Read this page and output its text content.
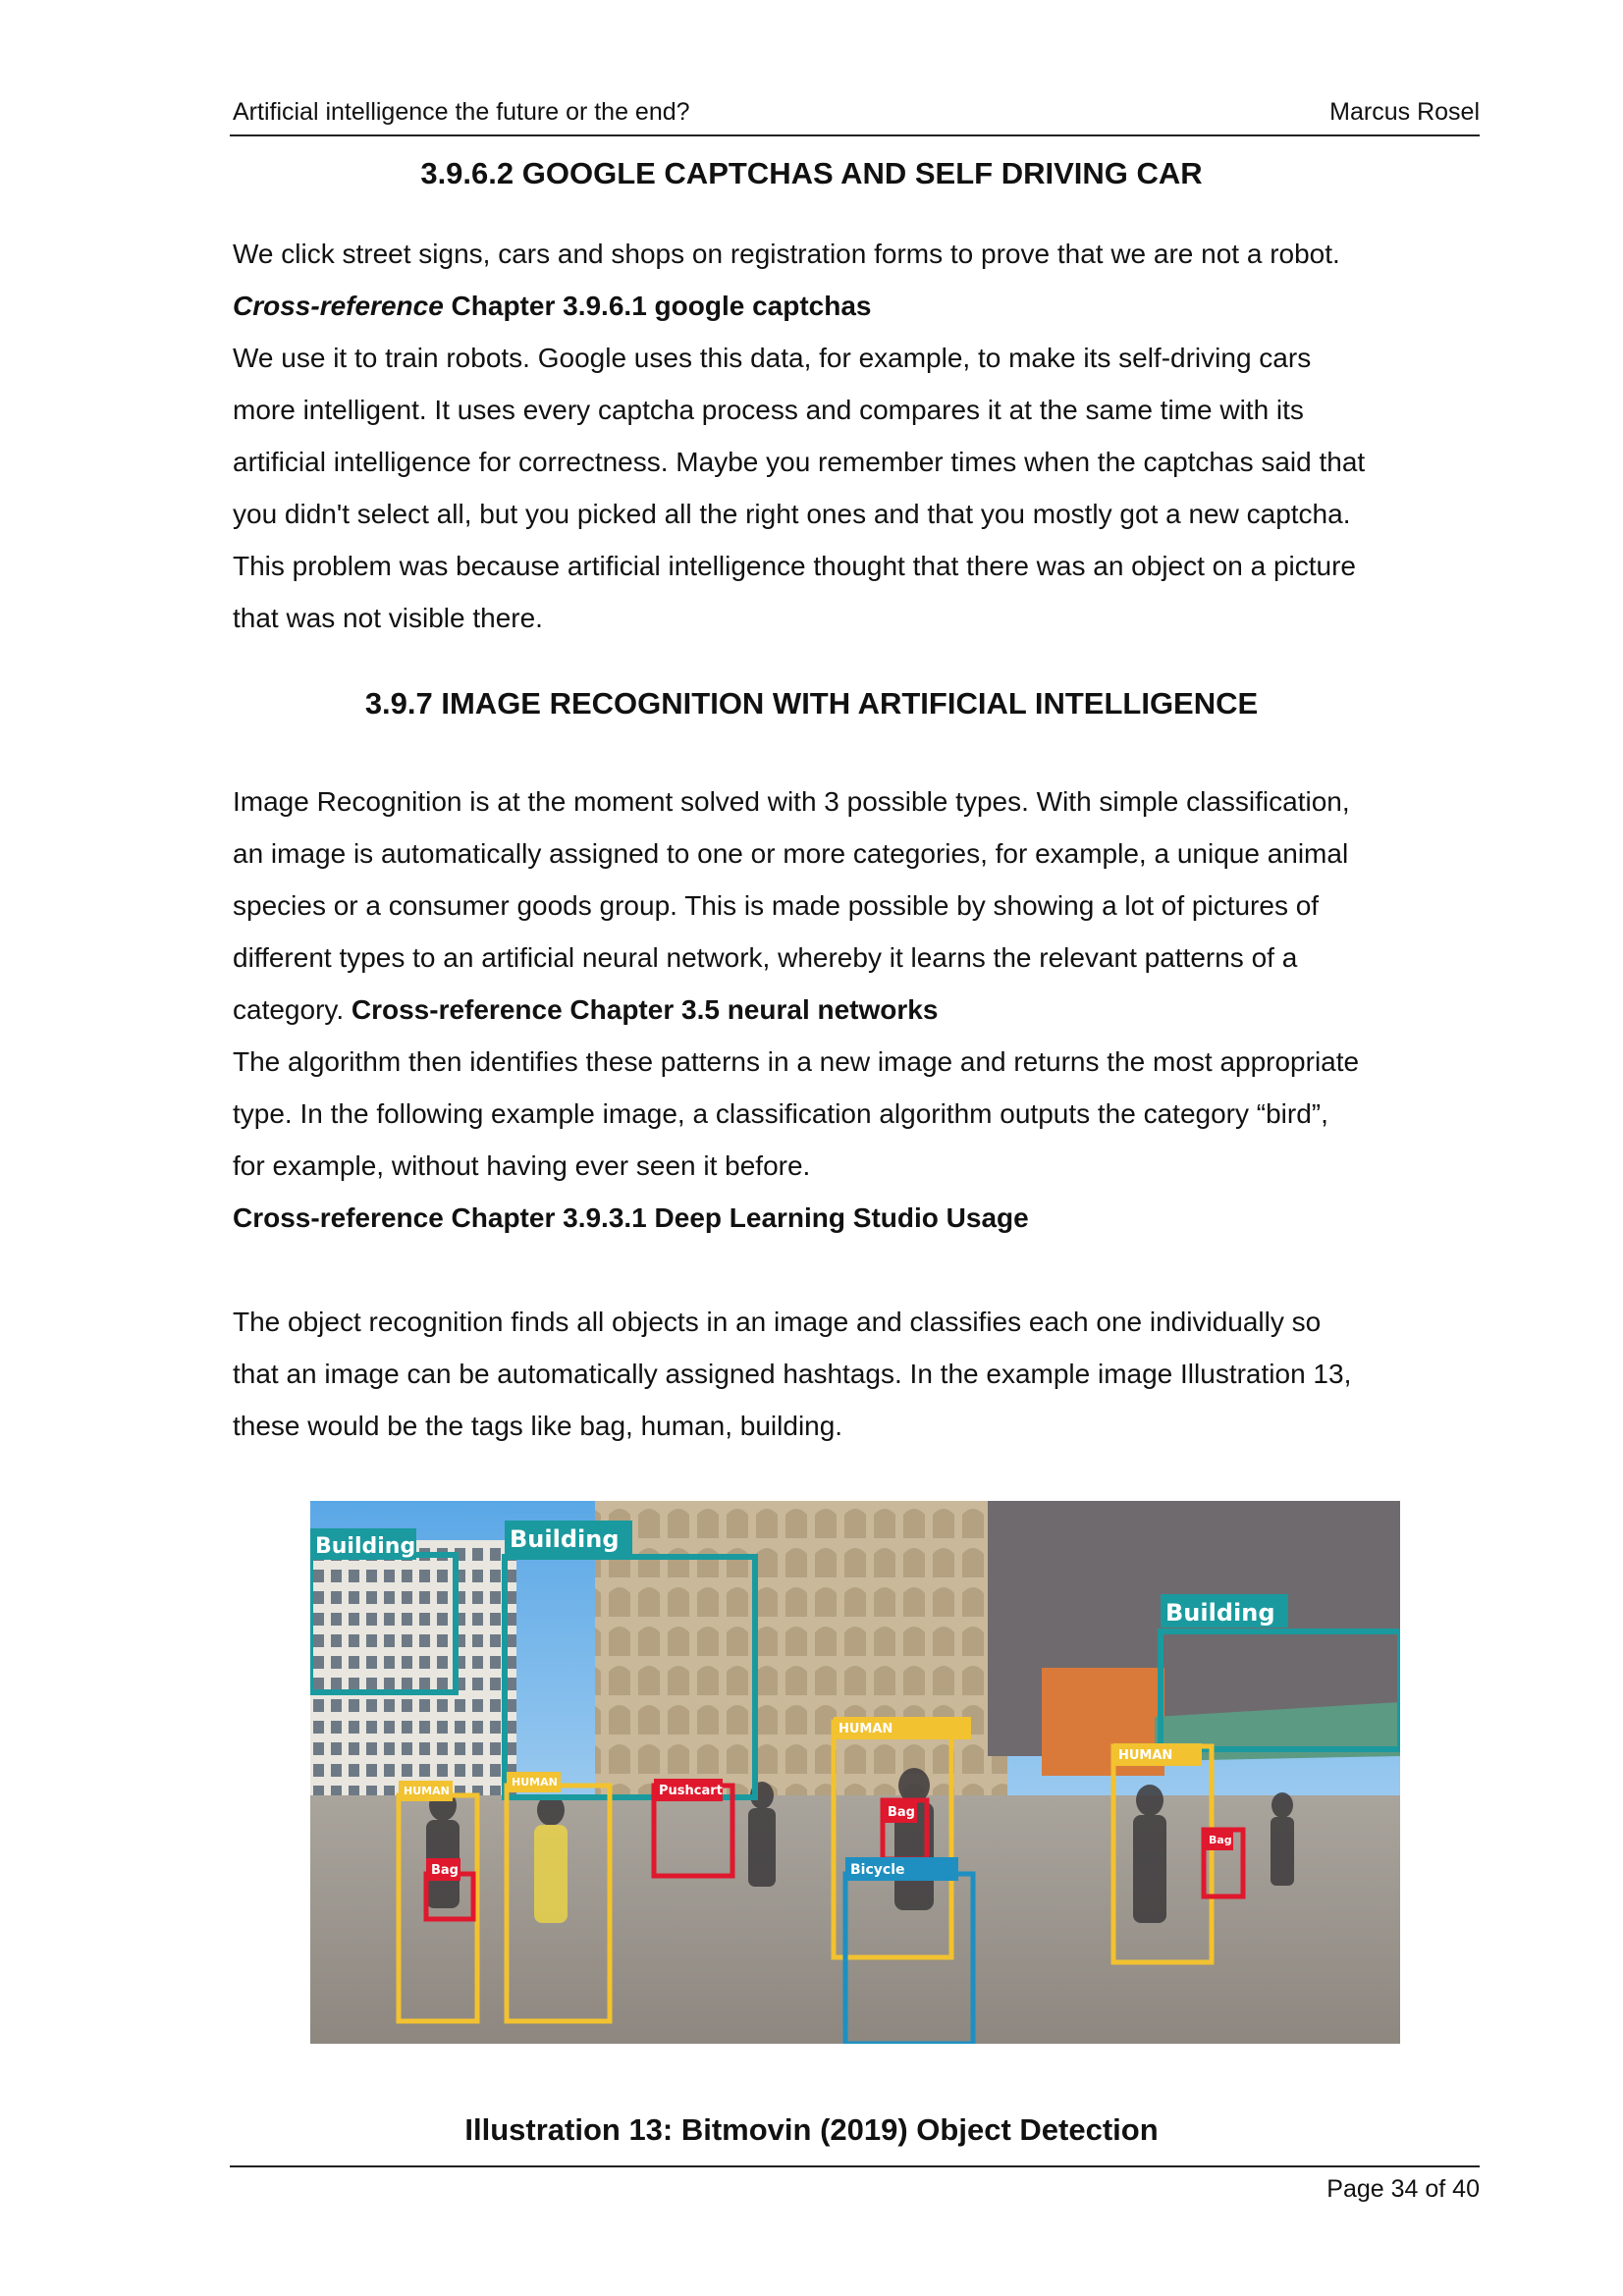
Artificial intelligence the future or the end?	Marcus Rosel
3.9.6.2 GOOGLE CAPTCHAS AND SELF DRIVING CAR
We click street signs, cars and shops on registration forms to prove that we are not a robot.
Cross-reference Chapter 3.9.6.1 google captchas
We use it to train robots. Google uses this data, for example, to make its self-driving cars
more intelligent. It uses every captcha process and compares it at the same time with its
artificial intelligence for correctness. Maybe you remember times when the captchas said that
you didn't select all, but you picked all the right ones and that you mostly got a new captcha.
This problem was because artificial intelligence thought that there was an object on a picture
that was not visible there.
3.9.7 IMAGE RECOGNITION WITH ARTIFICIAL INTELLIGENCE
Image Recognition is at the moment solved with 3 possible types. With simple classification,
an image is automatically assigned to one or more categories, for example, a unique animal
species or a consumer goods group. This is made possible by showing a lot of pictures of
different types to an artificial neural network, whereby it learns the relevant patterns of a
category. Cross-reference Chapter 3.5 neural networks
The algorithm then identifies these patterns in a new image and returns the most appropriate
type. In the following example image, a classification algorithm outputs the category “bird”,
for example, without having ever seen it before.
Cross-reference Chapter 3.9.3.1 Deep Learning Studio Usage
The object recognition finds all objects in an image and classifies each one individually so
that an image can be automatically assigned hashtags. In the example image Illustration 13,
these would be the tags like bag, human, building.
Building	Building
Building
HUMAN
HUMAN
HUMAN
HUMAN
Bag
Bag
Bag
Pushcart
Bicycle
Illustration 13: Bitmovin (2019) Object Detection
Page 34 of 40
